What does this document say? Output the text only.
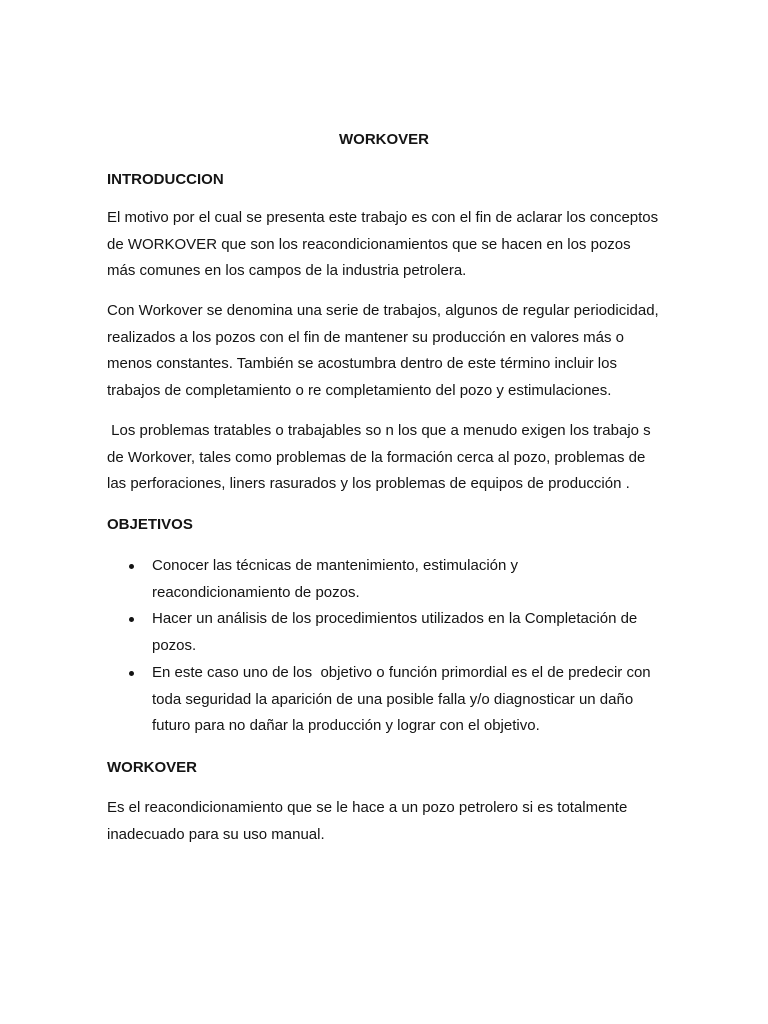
WORKOVER
INTRODUCCION

El motivo por el cual se presenta este trabajo es con el fin de aclarar los conceptos
de WORKOVER que son los reacondicionamientos que se hacen en los pozos
más comunes en los campos de la industria petrolera.

Con Workover se denomina una serie de trabajos, algunos de regular periodicidad,
realizados a los pozos con el fin de mantener su producción en valores más o
menos constantes. También se acostumbra dentro de este término incluir los
trabajos de completamiento o re completamiento del pozo y estimulaciones.

Los problemas tratables o trabajables so n los que a menudo exigen los trabajo s
de Workover, tales como problemas de la formación cerca al pozo, problemas de
las perforaciones, liners rasurados y los problemas de equipos de producción .

OBJETIVOS
Conocer las técnicas de mantenimiento, estimulación y
reacondicionamiento de pozos.
Hacer un análisis de los procedimientos utilizados en la Completación de
pozos.
En este caso uno de los  objetivo o función primordial es el de predecir con
toda seguridad la aparición de una posible falla y/o diagnosticar un daño
futuro para no dañar la producción y lograr con el objetivo.
WORKOVER

Es el reacondicionamiento que se le hace a un pozo petrolero si es totalmente
inadecuado para su uso manual.
